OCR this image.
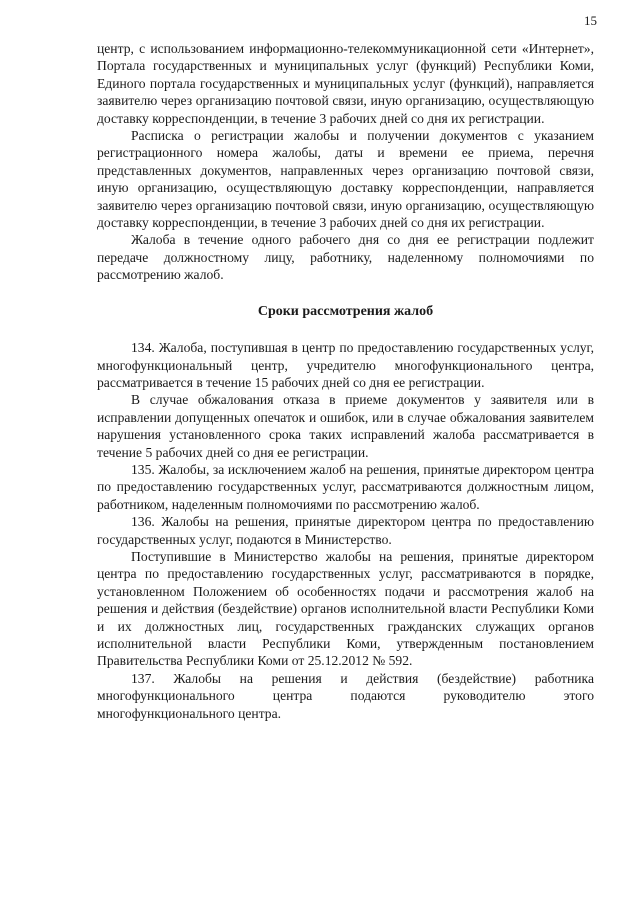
15

центр, с использованием информационно-телекоммуникационной сети «Интернет», Портала государственных и муниципальных услуг (функций) Республики Коми, Единого портала государственных и муниципальных услуг (функций), направляется заявителю через организацию почтовой связи, иную организацию, осуществляющую доставку корреспонденции, в течение 3 рабочих дней со дня их регистрации.

Расписка о регистрации жалобы и получении документов с указанием регистрационного номера жалобы, даты и времени ее приема, перечня представленных документов, направленных через организацию почтовой связи, иную организацию, осуществляющую доставку корреспонденции, направляется заявителю через организацию почтовой связи, иную организацию, осуществляющую доставку корреспонденции, в течение 3 рабочих дней со дня их регистрации.

Жалоба в течение одного рабочего дня со дня ее регистрации подлежит передаче должностному лицу, работнику, наделенному полномочиями по рассмотрению жалоб.

Сроки рассмотрения жалоб

134. Жалоба, поступившая в центр по предоставлению государственных услуг, многофункциональный центр, учредителю многофункционального центра, рассматривается в течение 15 рабочих дней со дня ее регистрации.

В случае обжалования отказа в приеме документов у заявителя или в исправлении допущенных опечаток и ошибок, или в случае обжалования заявителем нарушения установленного срока таких исправлений жалоба рассматривается в течение 5 рабочих дней со дня ее регистрации.

135. Жалобы, за исключением жалоб на решения, принятые директором центра по предоставлению государственных услуг, рассматриваются должностным лицом, работником, наделенным полномочиями по рассмотрению жалоб.

136. Жалобы на решения, принятые директором центра по предоставлению государственных услуг, подаются в Министерство.

Поступившие в Министерство жалобы на решения, принятые директором центра по предоставлению государственных услуг, рассматриваются в порядке, установленном Положением об особенностях подачи и рассмотрения жалоб на решения и действия (бездействие) органов исполнительной власти Республики Коми и их должностных лиц, государственных гражданских служащих органов исполнительной власти Республики Коми, утвержденным постановлением Правительства Республики Коми от 25.12.2012 № 592.

137. Жалобы на решения и действия (бездействие) работника многофункционального центра подаются руководителю этого многофункционального центра.
